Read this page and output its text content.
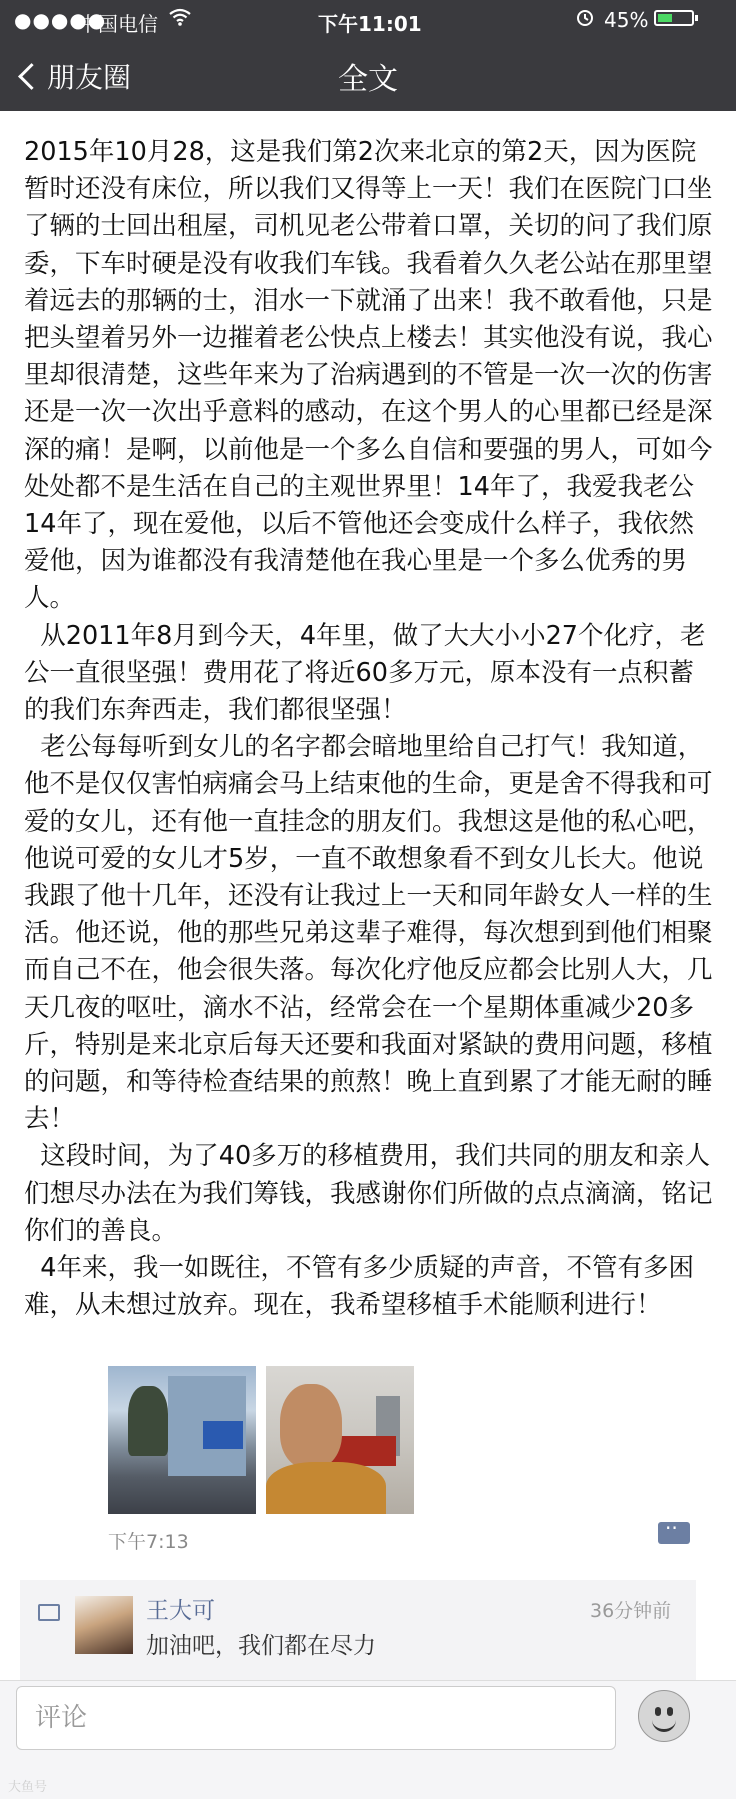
●●●●●
中国电信	下午11:01	45%
朋友圈	全文

2015年10月28，这是我们第2次来北京的第2天，因为医院暂时还没有床位，所以我们又得等上一天！我们在医院门口坐了辆的士回出租屋，司机见老公带着口罩，关切的问了我们原委，下车时硬是没有收我们车钱。我看着久久老公站在那里望着远去的那辆的士，泪水一下就涌了出来！我不敢看他，只是把头望着另外一边摧着老公快点上楼去！其实他没有说，我心里却很清楚，这些年来为了治病遇到的不管是一次一次的伤害还是一次一次出乎意料的感动，在这个男人的心里都已经是深深的痛！是啊，以前他是一个多么自信和要强的男人，可如今处处都不是生活在自己的主观世界里！14年了，我爱我老公14年了，现在爱他，以后不管他还会变成什么样子，我依然爱他，因为谁都没有我清楚他在我心里是一个多么优秀的男人。

从2011年8月到今天，4年里，做了大大小小27个化疗，老公一直很坚强！费用花了将近60多万元，原本没有一点积蓄的我们东奔西走，我们都很坚强！

老公每每听到女儿的名字都会暗地里给自己打气！我知道，他不是仅仅害怕病痛会马上结束他的生命，更是舍不得我和可爱的女儿，还有他一直挂念的朋友们。我想这是他的私心吧，他说可爱的女儿才5岁，一直不敢想象看不到女儿长大。他说我跟了他十几年，还没有让我过上一天和同年龄女人一样的生活。他还说，他的那些兄弟这辈子难得，每次想到到他们相聚而自己不在，他会很失落。每次化疗他反应都会比别人大，几天几夜的呕吐，滴水不沾，经常会在一个星期体重减少20多斤，特别是来北京后每天还要和我面对紧缺的费用问题，移植的问题，和等待检查结果的煎熬！晚上直到累了才能无耐的睡去！

这段时间，为了40多万的移植费用，我们共同的朋友和亲人们想尽办法在为我们筹钱，我感谢你们所做的点点滴滴，铭记你们的善良。

4年来，我一如既往，不管有多少质疑的声音，不管有多困难，从未想过放弃。现在，我希望移植手术能顺利进行！

下午7:13
··
王大可	36分钟前
加油吧，我们都在尽力
评论
大鱼号
